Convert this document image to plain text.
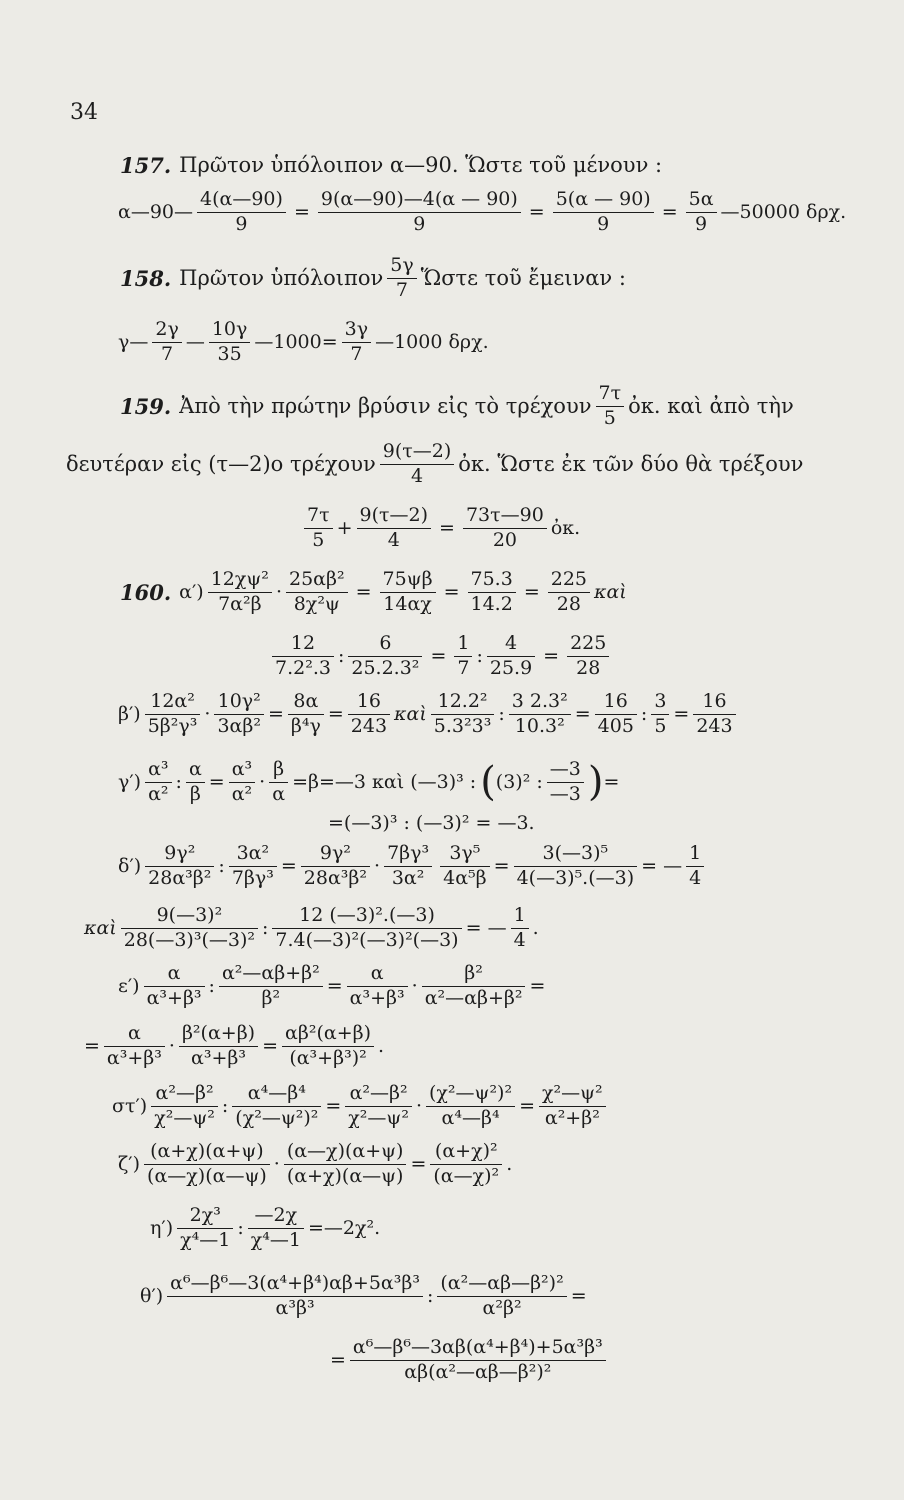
34
157. Πρῶτον ὑπόλοιπον α—90. Ὥστε τοῦ μένουν :
α—90— $\frac{4(\alpha—90)}{9} = \frac{9(\alpha—90)—4(\alpha — 90)}{9} = \frac{5(\alpha — 90)}{9} = \frac{5\alpha}{9}$ —50000 δρχ.
158. Πρῶτον ὑπόλοιπον $\frac{5\gamma}{7}$ Ὥστε τοῦ ἔμειναν :
γ— $\frac{2\gamma}{7}$ — $\frac{10\gamma}{35}$ —1000= $\frac{3\gamma}{7}$ —1000 δρχ.
159. Ἀπὸ τὴν πρώτην βρύσιν εἰς τὸ τρέχουν $\frac{7\tau}{5}$ ὀκ. καὶ ἀπὸ τὴν
δευτέραν εἰς (τ—2)ο τρέχουν $\frac{9(\tau—2)}{4}$ ὀκ. Ὥστε ἐκ τῶν δύο θὰ τρέξουν
$\frac{7\tau}{5} + \frac{9(\tau—2)}{4} = \frac{73\tau—90}{20}$ ὀκ.
160. $\alpha') \frac{\text{12χψ²}}{\text{7α²β}} \cdot \frac{\text{25αβ²}}{\text{8χ²ψ}} = \frac{75\psi\beta}{14\alpha\chi} = \frac{75.3}{14.2} = \frac{225}{28}$ καὶ
$\frac{12}{\text{7.2².3}}$ : $\frac{6}{\text{25.2.3²}} = \frac{1}{7}$ : $\frac{4}{25.9} = \frac{225}{28}$
$\beta') \frac{\text{12α²}}{\text{5β²γ³}} \cdot \frac{\text{10γ²}}{\text{3αβ²}} = \frac{8\alpha}{\text{β⁴γ}} = \frac{16}{243}$ καὶ $\frac{\text{12.2²}}{\text{5.3²3³}}$ : $\frac{\text{3 2.3²}}{\text{10.3²}} = \frac{16}{405}$ : $\frac{3}{5} = \frac{16}{243}$
$\gamma') \frac{\text{α³}}{\text{α²}}$ : $\frac{\alpha}{\beta} = \frac{\text{α³}}{\text{α²}} \cdot \frac{\beta}{\alpha}$ =β=—3 καὶ (—3)³ : ( (3)² : $\frac{—3}{—3}$ ) =
=(—3)³ : (—3)² = —3.
$\delta') \frac{\text{9γ²}}{\text{28α³β²}}$ : $\frac{\text{3α²}}{\text{7βγ³}} = \frac{\text{9γ²}}{\text{28α³β²}} \cdot \frac{\text{7βγ³}}{\text{3α²}} \frac{\text{3γ⁵}}{\text{4α⁵β}} = \frac{\text{3(—3)⁵}}{\text{4(—3)⁵.(—3)}}$ = — $\frac{1}{4}$
καὶ $\frac{\text{9(—3)²}}{\text{28(—3)³(—3)²}}$ : $\frac{\text{12 (—3)².(—3)}}{\text{7.4(—3)²(—3)²(—3)}}$ = — $\frac{1}{4}$ .
$\varepsilon') \frac{\alpha}{\text{α³+β³}}$ : $\frac{\text{α²—αβ+β²}}{\text{β²}} = \frac{\alpha}{\text{α³+β³}} \cdot \frac{\text{β²}}{\text{α²—αβ+β²}}$ =
= $\frac{\alpha}{\text{α³+β³}} \cdot \frac{\text{β²(α+β)}}{\text{α³+β³}} = \frac{\text{αβ²(α+β)}}{\text{(α³+β³)²}}$ .
$\sigma\tau') \frac{\text{α²—β²}}{\text{χ²—ψ²}}$ : $\frac{\text{α⁴—β⁴}}{\text{(χ²—ψ²)²}} = \frac{\text{α²—β²}}{\text{χ²—ψ²}} \cdot \frac{\text{(χ²—ψ²)²}}{\text{α⁴—β⁴}} = \frac{\text{χ²—ψ²}}{\text{α²+β²}}$
$\zeta') \frac{(\alpha+\chi)(\alpha+\psi)}{(\alpha—\chi)(\alpha—\psi)} \cdot \frac{(\alpha—\chi)(\alpha+\psi)}{(\alpha+\chi)(\alpha—\psi)} = \frac{\text{(α+χ)²}}{\text{(α—χ)²}}$ .
$\eta') \frac{\text{2χ³}}{\text{χ⁴—1}}$ : $\frac{—2\chi}{\text{χ⁴—1}}$ =—2χ².
$\theta') \frac{\text{α⁶—β⁶—3(α⁴+β⁴)αβ+5α³β³}}{\text{α³β³}}$ : $\frac{\text{(α²—αβ—β²)²}}{\text{α²β²}}$ =
= $\frac{\text{α⁶—β⁶—3αβ(α⁴+β⁴)+5α³β³}}{\text{αβ(α²—αβ—β²)²}}$
